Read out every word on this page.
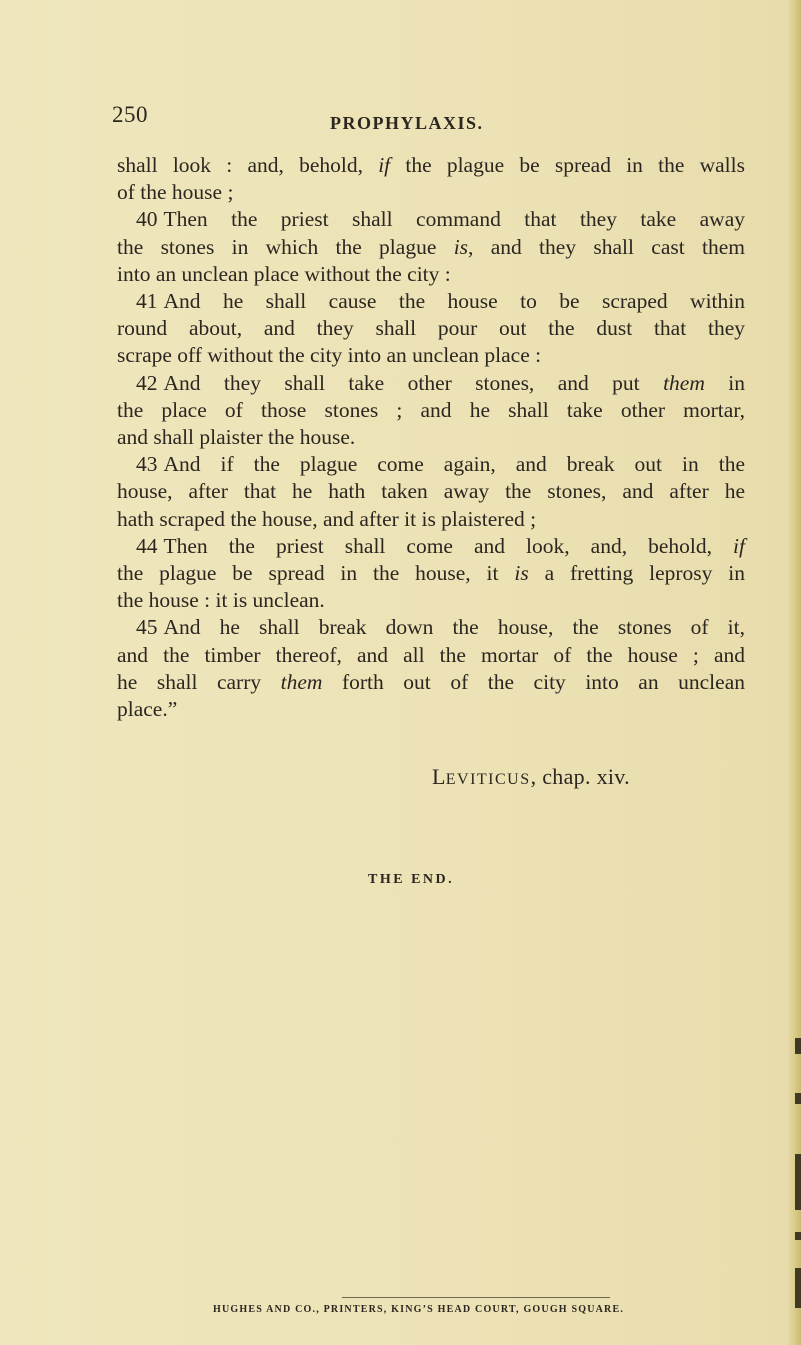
250	PROPHYLAXIS.
shall look : and, behold, if the plague be spread in the walls
of the house ;
40 Then the priest shall command that they take away
the stones in which the plague is, and they shall cast them
into an unclean place without the city :
41 And he shall cause the house to be scraped within
round about, and they shall pour out the dust that they
scrape off without the city into an unclean place :
42 And they shall take other stones, and put them in
the place of those stones ; and he shall take other mortar,
and shall plaister the house.
43 And if the plague come again, and break out in the
house, after that he hath taken away the stones, and after he
hath scraped the house, and after it is plaistered ;
44 Then the priest shall come and look, and, behold, if
the plague be spread in the house, it is a fretting leprosy in
the house : it is unclean.
45 And he shall break down the house, the stones of it,
and the timber thereof, and all the mortar of the house ; and
he shall carry them forth out of the city into an unclean
place.”
LEVITICUS, chap. xiv.
THE END.
HUGHES AND CO., PRINTERS, KING’S HEAD COURT, GOUGH SQUARE.
